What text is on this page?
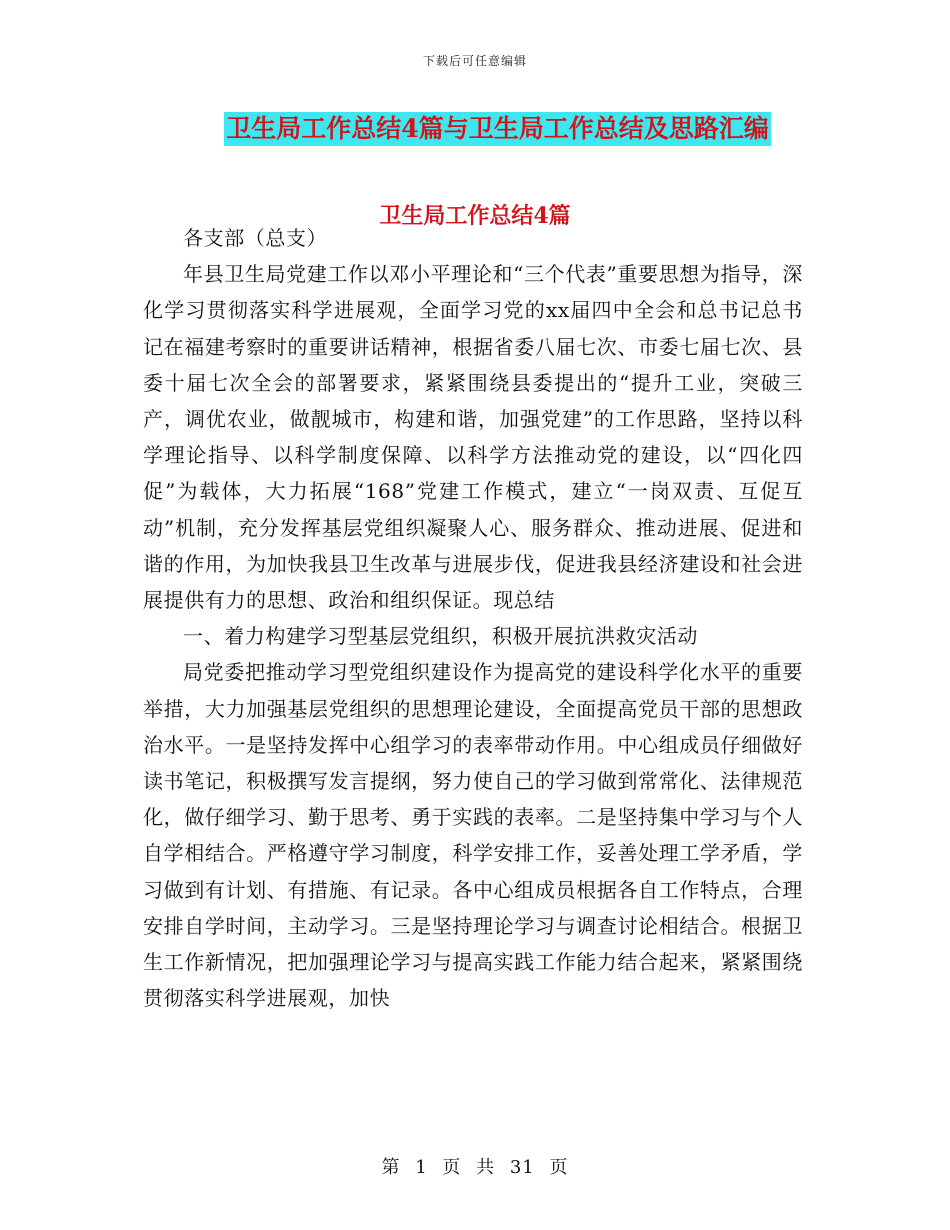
下载后可任意编辑
卫生局工作总结4篇与卫生局工作总结及思路汇编
卫生局工作总结4篇

各支部（总支）

年县卫生局党建工作以邓小平理论和“三个代表”重要思想为指导，深化学习贯彻落实科学进展观，全面学习党的xx届四中全会和总书记总书记在福建考察时的重要讲话精神，根据省委八届七次、市委七届七次、县委十届七次全会的部署要求，紧紧围绕县委提出的“提升工业，突破三产，调优农业，做靓城市，构建和谐，加强党建”的工作思路，坚持以科学理论指导、以科学制度保障、以科学方法推动党的建设，以“四化四促”为载体，大力拓展“168”党建工作模式，建立“一岗双责、互促互动”机制，充分发挥基层党组织凝聚人心、服务群众、推动进展、促进和谐的作用，为加快我县卫生改革与进展步伐，促进我县经济建设和社会进展提供有力的思想、政治和组织保证。现总结

一、着力构建学习型基层党组织，积极开展抗洪救灾活动

局党委把推动学习型党组织建设作为提高党的建设科学化水平的重要举措，大力加强基层党组织的思想理论建设，全面提高党员干部的思想政治水平。一是坚持发挥中心组学习的表率带动作用。中心组成员仔细做好读书笔记，积极撰写发言提纲，努力使自己的学习做到常常化、法律规范化，做仔细学习、勤于思考、勇于实践的表率。二是坚持集中学习与个人自学相结合。严格遵守学习制度，科学安排工作，妥善处理工学矛盾，学习做到有计划、有措施、有记录。各中心组成员根据各自工作特点，合理安排自学时间，主动学习。三是坚持理论学习与调查讨论相结合。根据卫生工作新情况，把加强理论学习与提高实践工作能力结合起来，紧紧围绕贯彻落实科学进展观，加快

第 1 页 共 31 页
